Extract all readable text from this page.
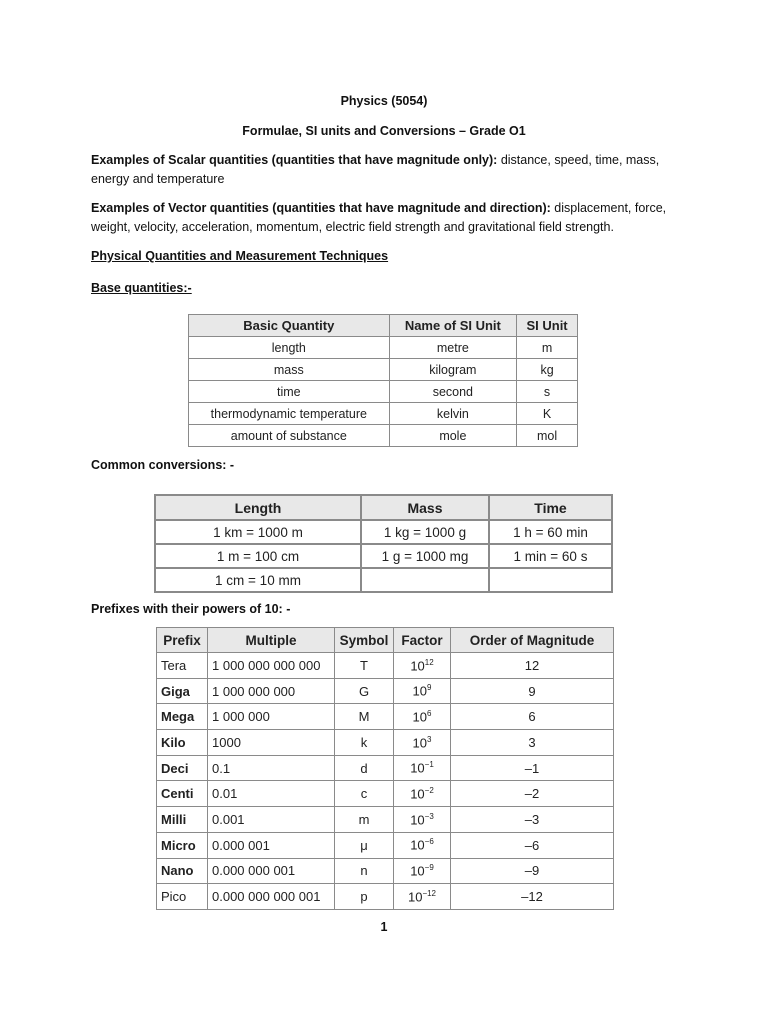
Physics (5054)
Formulae, SI units and Conversions – Grade O1
Examples of Scalar quantities (quantities that have magnitude only): distance, speed, time, mass,
energy and temperature
Examples of Vector quantities (quantities that have magnitude and direction): displacement, force,
weight, velocity, acceleration, momentum, electric field strength and gravitational field strength.
Physical Quantities and Measurement Techniques
Base quantities:-
Basic Quantity	Name of SI Unit	SI Unit
length	metre	m
mass	kilogram	kg
time	second	s
thermodynamic temperature	kelvin	K
amount of substance	mole	mol
Common conversions: -
Length	Mass	Time
1 km = 1000 m	1 kg = 1000 g	1 h = 60 min
1 m = 100 cm	1 g = 1000 mg	1 min = 60 s
1 cm = 10 mm		
Prefixes with their powers of 10: -
Prefix	Multiple	Symbol	Factor	Order of Magnitude
Tera	1 000 000 000 000	T	$10^{12}$	12
Giga	1 000 000 000	G	$10^9$	9
Mega	1 000 000	M	$10^6$	6
Kilo	1000	k	$10^3$	3
Deci	0.1	d	$10^{-1}$	–1
Centi	0.01	c	$10^{-2}$	–2
Milli	0.001	m	$10^{-3}$	–3
Micro	0.000 001	μ	$10^{-6}$	–6
Nano	0.000 000 001	n	$10^{-9}$	–9
Pico	0.000 000 000 001	p	$10^{-12}$	–12
1
